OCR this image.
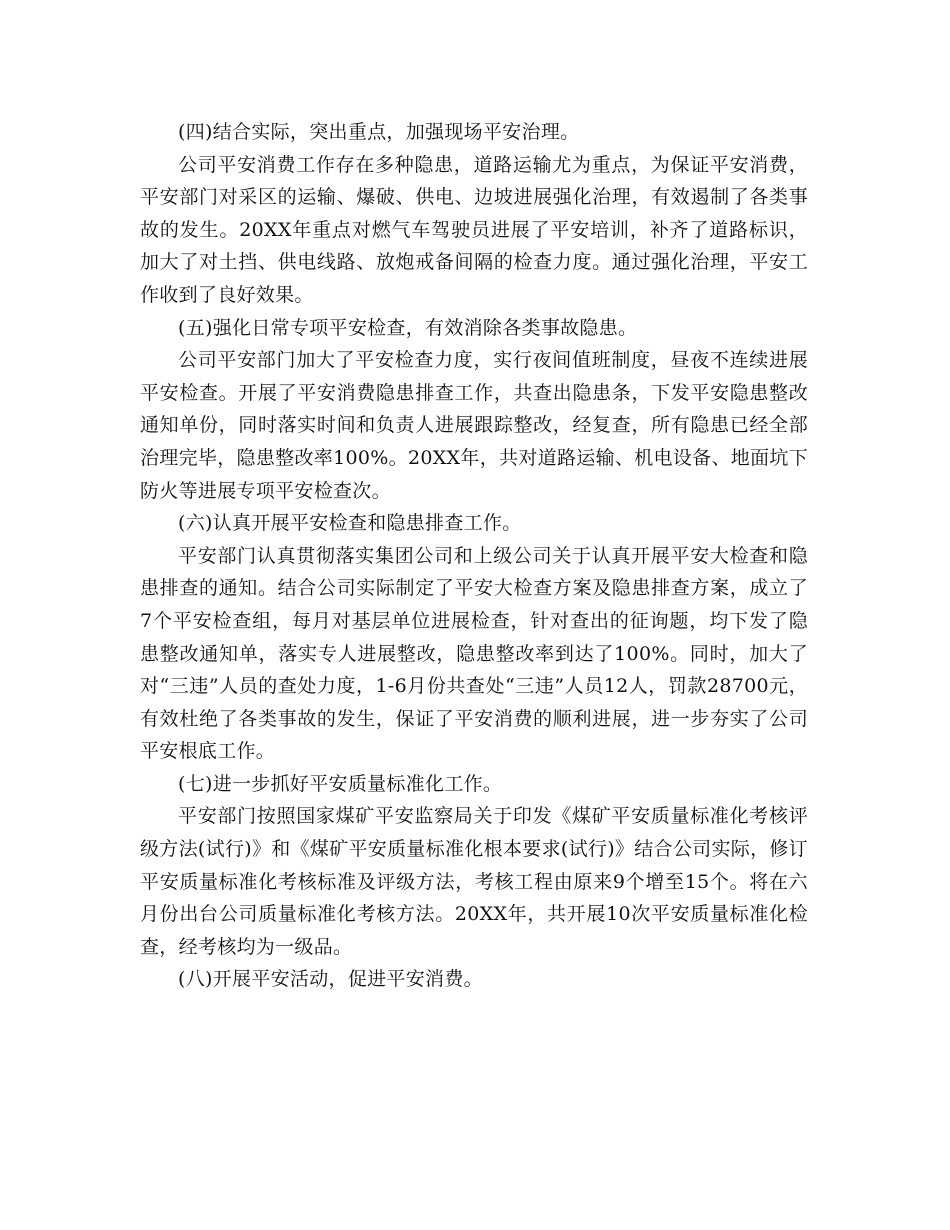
(四)结合实际，突出重点，加强现场平安治理。

公司平安消费工作存在多种隐患，道路运输尤为重点，为保证平安消费，平安部门对采区的运输、爆破、供电、边坡进展强化治理，有效遏制了各类事故的发生。20XX年重点对燃气车驾驶员进展了平安培训，补齐了道路标识，加大了对土挡、供电线路、放炮戒备间隔的检查力度。通过强化治理，平安工作收到了良好效果。

(五)强化日常专项平安检查，有效消除各类事故隐患。

公司平安部门加大了平安检查力度，实行夜间值班制度，昼夜不连续进展平安检查。开展了平安消费隐患排查工作，共查出隐患条，下发平安隐患整改通知单份，同时落实时间和负责人进展跟踪整改，经复查，所有隐患已经全部治理完毕，隐患整改率100%。20XX年，共对道路运输、机电设备、地面坑下防火等进展专项平安检查次。

(六)认真开展平安检查和隐患排查工作。

平安部门认真贯彻落实集团公司和上级公司关于认真开展平安大检查和隐患排查的通知。结合公司实际制定了平安大检查方案及隐患排查方案，成立了7个平安检查组，每月对基层单位进展检查，针对查出的征询题，均下发了隐患整改通知单，落实专人进展整改，隐患整改率到达了100%。同时，加大了对“三违”人员的查处力度，1-6月份共查处“三违”人员12人，罚款28700元，有效杜绝了各类事故的发生，保证了平安消费的顺利进展，进一步夯实了公司平安根底工作。

(七)进一步抓好平安质量标准化工作。

平安部门按照国家煤矿平安监察局关于印发《煤矿平安质量标准化考核评级方法(试行)》和《煤矿平安质量标准化根本要求(试行)》结合公司实际，修订平安质量标准化考核标准及评级方法，考核工程由原来9个增至15个。将在六月份出台公司质量标准化考核方法。20XX年，共开展10次平安质量标准化检查，经考核均为一级品。

(八)开展平安活动，促进平安消费。
